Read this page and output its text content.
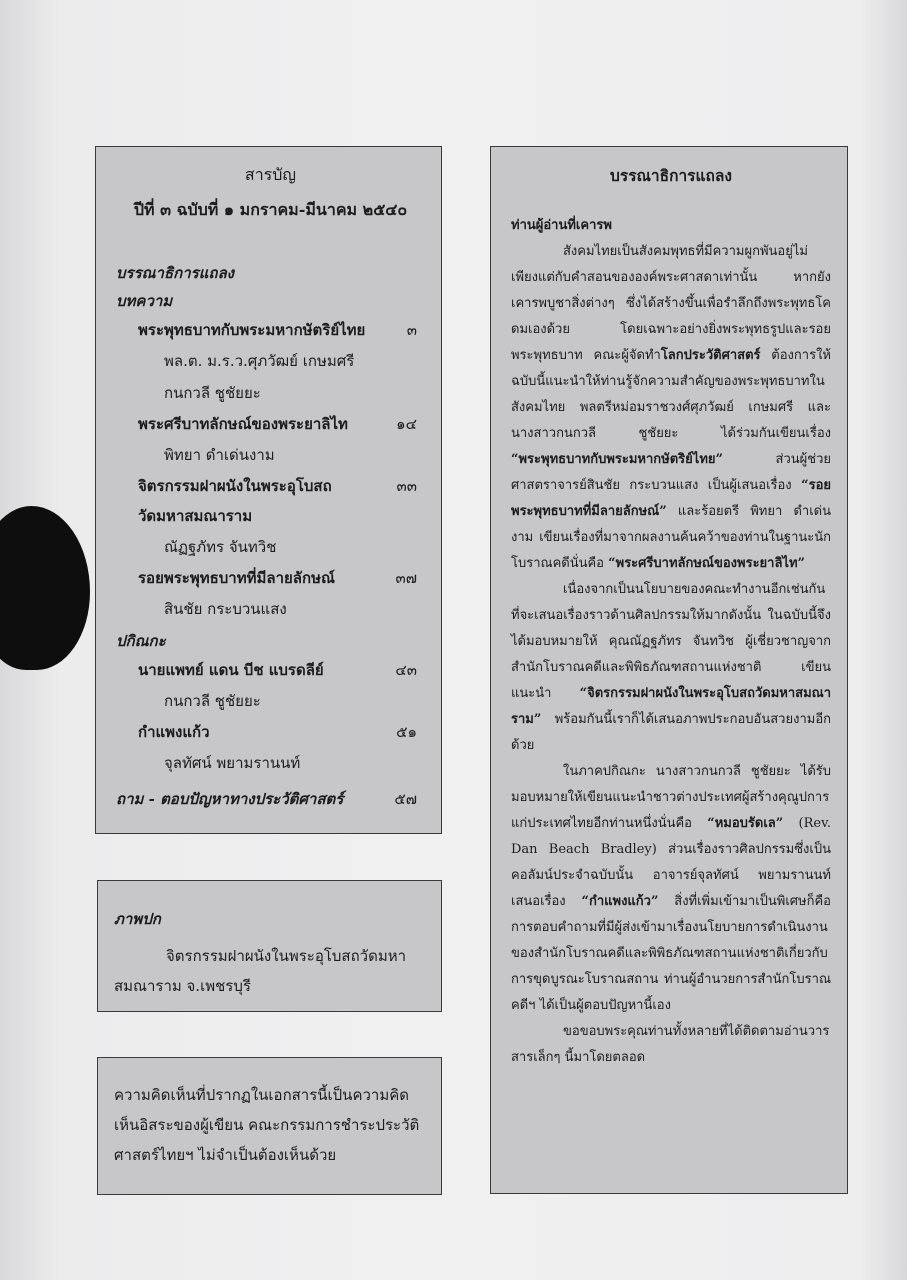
สารบัญ
ปีที่ ๓ ฉบับที่ ๑ มกราคม-มีนาคม ๒๕๔๐
บรรณาธิการแถลง
บทความ
พระพุทธบาทกับพระมหากษัตริย์ไทย	๓
พล.ต. ม.ร.ว.ศุภวัฒย์ เกษมศรี
กนกวลี ชูชัยยะ
พระศรีบาทลักษณ์ของพระยาลิไท	๑๔
พิทยา ดำเด่นงาม
จิตรกรรมฝาผนังในพระอุโบสถ	๓๓
วัดมหาสมณาราม
ณัฏฐภัทร จันทวิช
รอยพระพุทธบาทที่มีลายลักษณ์	๓๗
สินชัย กระบวนแสง
ปกิณกะ
นายแพทย์ แดน บีช แบรดลีย์	๔๓
กนกวลี ชูชัยยะ
กำแพงแก้ว	๕๑
จุลทัศน์ พยามรานนท์
ถาม - ตอบปัญหาทางประวัติศาสตร์	๕๗
ภาพปก
จิตรกรรมฝาผนังในพระอุโบสถวัดมหาสมณาราม จ.เพชรบุรี
ความคิดเห็นที่ปรากฏในเอกสารนี้เป็นความคิดเห็นอิสระของผู้เขียน คณะกรรมการชำระประวัติศาสตร์ไทยฯ ไม่จำเป็นต้องเห็นด้วย
บรรณาธิการแถลง
ท่านผู้อ่านที่เคารพ

สังคมไทยเป็นสังคมพุทธที่มีความผูกพันอยู่ไม่เพียงแต่กับคำสอนขององค์พระศาสดาเท่านั้น หากยังเคารพบูชาสิ่งต่างๆ ซึ่งได้สร้างขึ้นเพื่อรำลึกถึงพระพุทธโคดมเองด้วย โดยเฉพาะอย่างยิ่งพระพุทธรูปและรอยพระพุทธบาท คณะผู้จัดทำโลกประวัติศาสตร์ ต้องการให้ฉบับนี้แนะนำให้ท่านรู้จักความสำคัญของพระพุทธบาทในสังคมไทย พลตรีหม่อมราชวงศ์ศุภวัฒย์ เกษมศรี และนางสาวกนกวลี ชูชัยยะ ได้ร่วมกันเขียนเรื่อง “พระพุทธบาทกับพระมหากษัตริย์ไทย” ส่วนผู้ช่วยศาสตราจารย์สินชัย กระบวนแสง เป็นผู้เสนอเรื่อง “รอยพระพุทธบาทที่มีลายลักษณ์” และร้อยตรี พิทยา ดำเด่นงาม เขียนเรื่องที่มาจากผลงานค้นคว้าของท่านในฐานะนักโบราณคดีนั่นคือ “พระศรีบาทลักษณ์ของพระยาลิไท”

เนื่องจากเป็นนโยบายของคณะทำงานอีกเช่นกันที่จะเสนอเรื่องราวด้านศิลปกรรมให้มากดังนั้น ในฉบับนี้จึงได้มอบหมายให้ คุณณัฏฐภัทร จันทวิช ผู้เชี่ยวชาญจากสำนักโบราณคดีและพิพิธภัณฑสถานแห่งชาติ เขียนแนะนำ “จิตรกรรมฝาผนังในพระอุโบสถวัดมหาสมณาราม” พร้อมกันนี้เราก็ได้เสนอภาพประกอบอันสวยงามอีกด้วย

ในภาคปกิณกะ นางสาวกนกวลี ชูชัยยะ ได้รับมอบหมายให้เขียนแนะนำชาวต่างประเทศผู้สร้างคุณูปการแก่ประเทศไทยอีกท่านหนึ่งนั่นคือ “หมอบรัดเล” (Rev. Dan Beach Bradley) ส่วนเรื่องราวศิลปกรรมซึ่งเป็นคอลัมน์ประจำฉบับนั้น อาจารย์จุลทัศน์ พยามรานนท์ เสนอเรื่อง “กำแพงแก้ว” สิ่งที่เพิ่มเข้ามาเป็นพิเศษก็คือ การตอบคำถามที่มีผู้ส่งเข้ามาเรื่องนโยบายการดำเนินงานของสำนักโบราณคดีและพิพิธภัณฑสถานแห่งชาติเกี่ยวกับการขุดบูรณะโบราณสถาน ท่านผู้อำนวยการสำนักโบราณคดีฯ ได้เป็นผู้ตอบปัญหานี้เอง

ขอขอบพระคุณท่านทั้งหลายที่ได้ติดตามอ่านวารสารเล็กๆ นี้มาโดยตลอด
